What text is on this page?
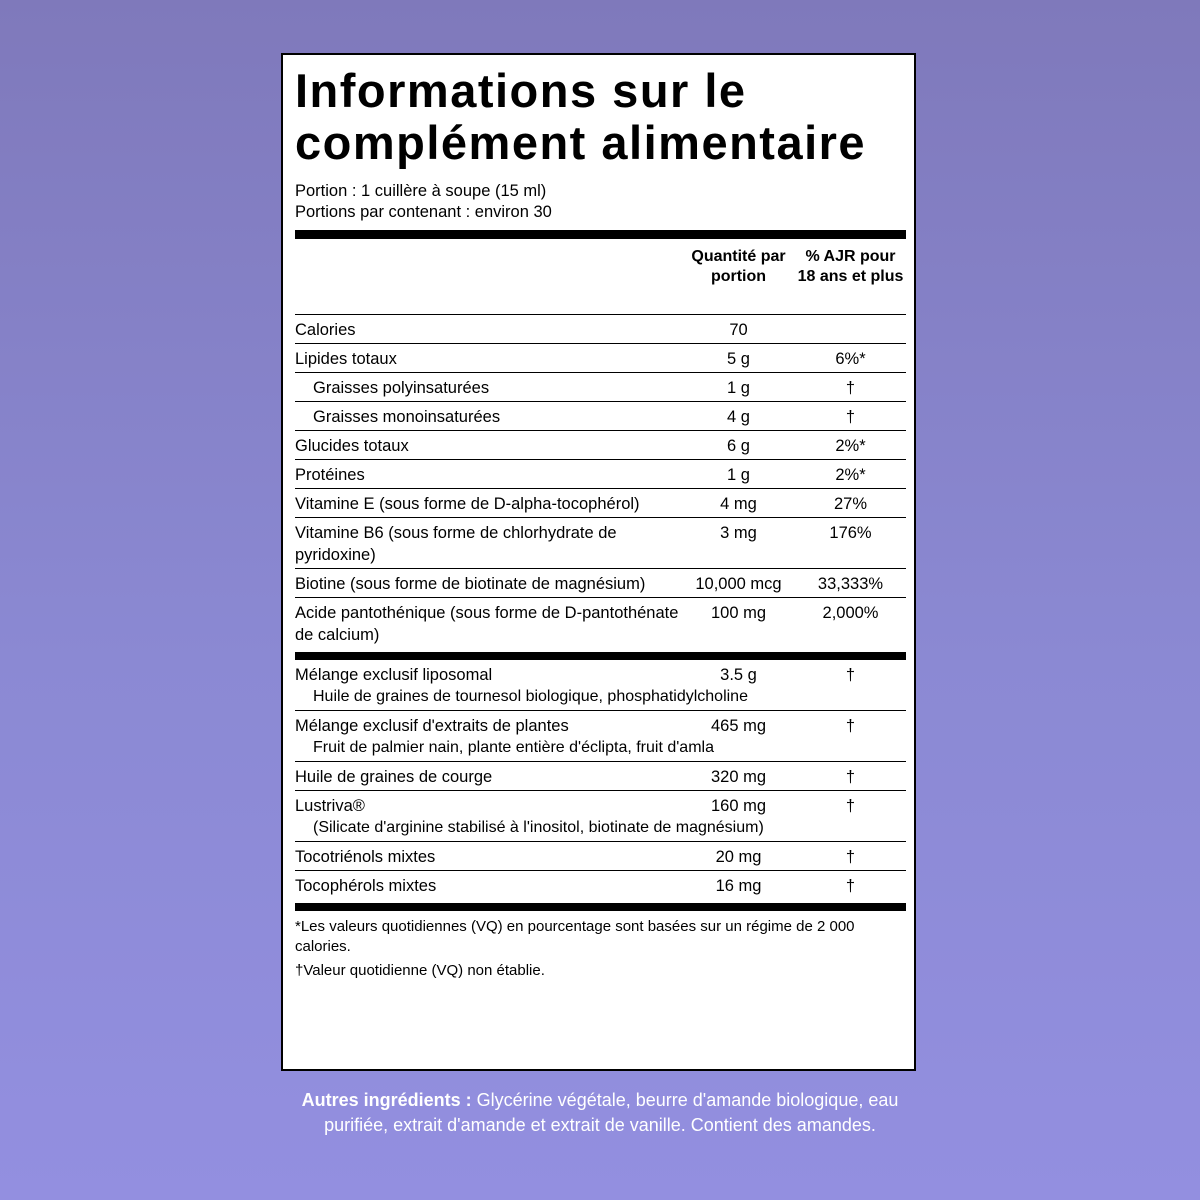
Informations sur le
complément alimentaire
Portion : 1 cuillère à soupe (15 ml)
Portions par contenant : environ 30
Quantité par portion
% AJR pour 18 ans et plus
Calories	70
Lipides totaux	5 g	6%*
Graisses polyinsaturées	1 g	†
Graisses monoinsaturées	4 g	†
Glucides totaux	6 g	2%*
Protéines	1 g	2%*
Vitamine E (sous forme de D-alpha-tocophérol)	4 mg	27%
Vitamine B6 (sous forme de chlorhydrate de pyridoxine)
3 mg	176%
Biotine (sous forme de biotinate de magnésium)	10,000 mcg	33,333%
Acide pantothénique (sous forme de D-pantothénate de calcium)
100 mg	2,000%
Mélange exclusif liposomal	3.5 g	†
Huile de graines de tournesol biologique, phosphatidylcholine
Mélange exclusif d'extraits de plantes	465 mg	†
Fruit de palmier nain, plante entière d'éclipta, fruit d'amla
Huile de graines de courge	320 mg	†
Lustriva®	160 mg	†
(Silicate d'arginine stabilisé à l'inositol, biotinate de magnésium)
Tocotriénols mixtes	20 mg	†
Tocophérols mixtes	16 mg	†

*Les valeurs quotidiennes (VQ) en pourcentage sont basées sur un régime de 2 000 calories.

†Valeur quotidienne (VQ) non établie.

Autres ingrédients : Glycérine végétale, beurre d'amande biologique, eau purifiée, extrait d'amande et extrait de vanille. Contient des amandes.
